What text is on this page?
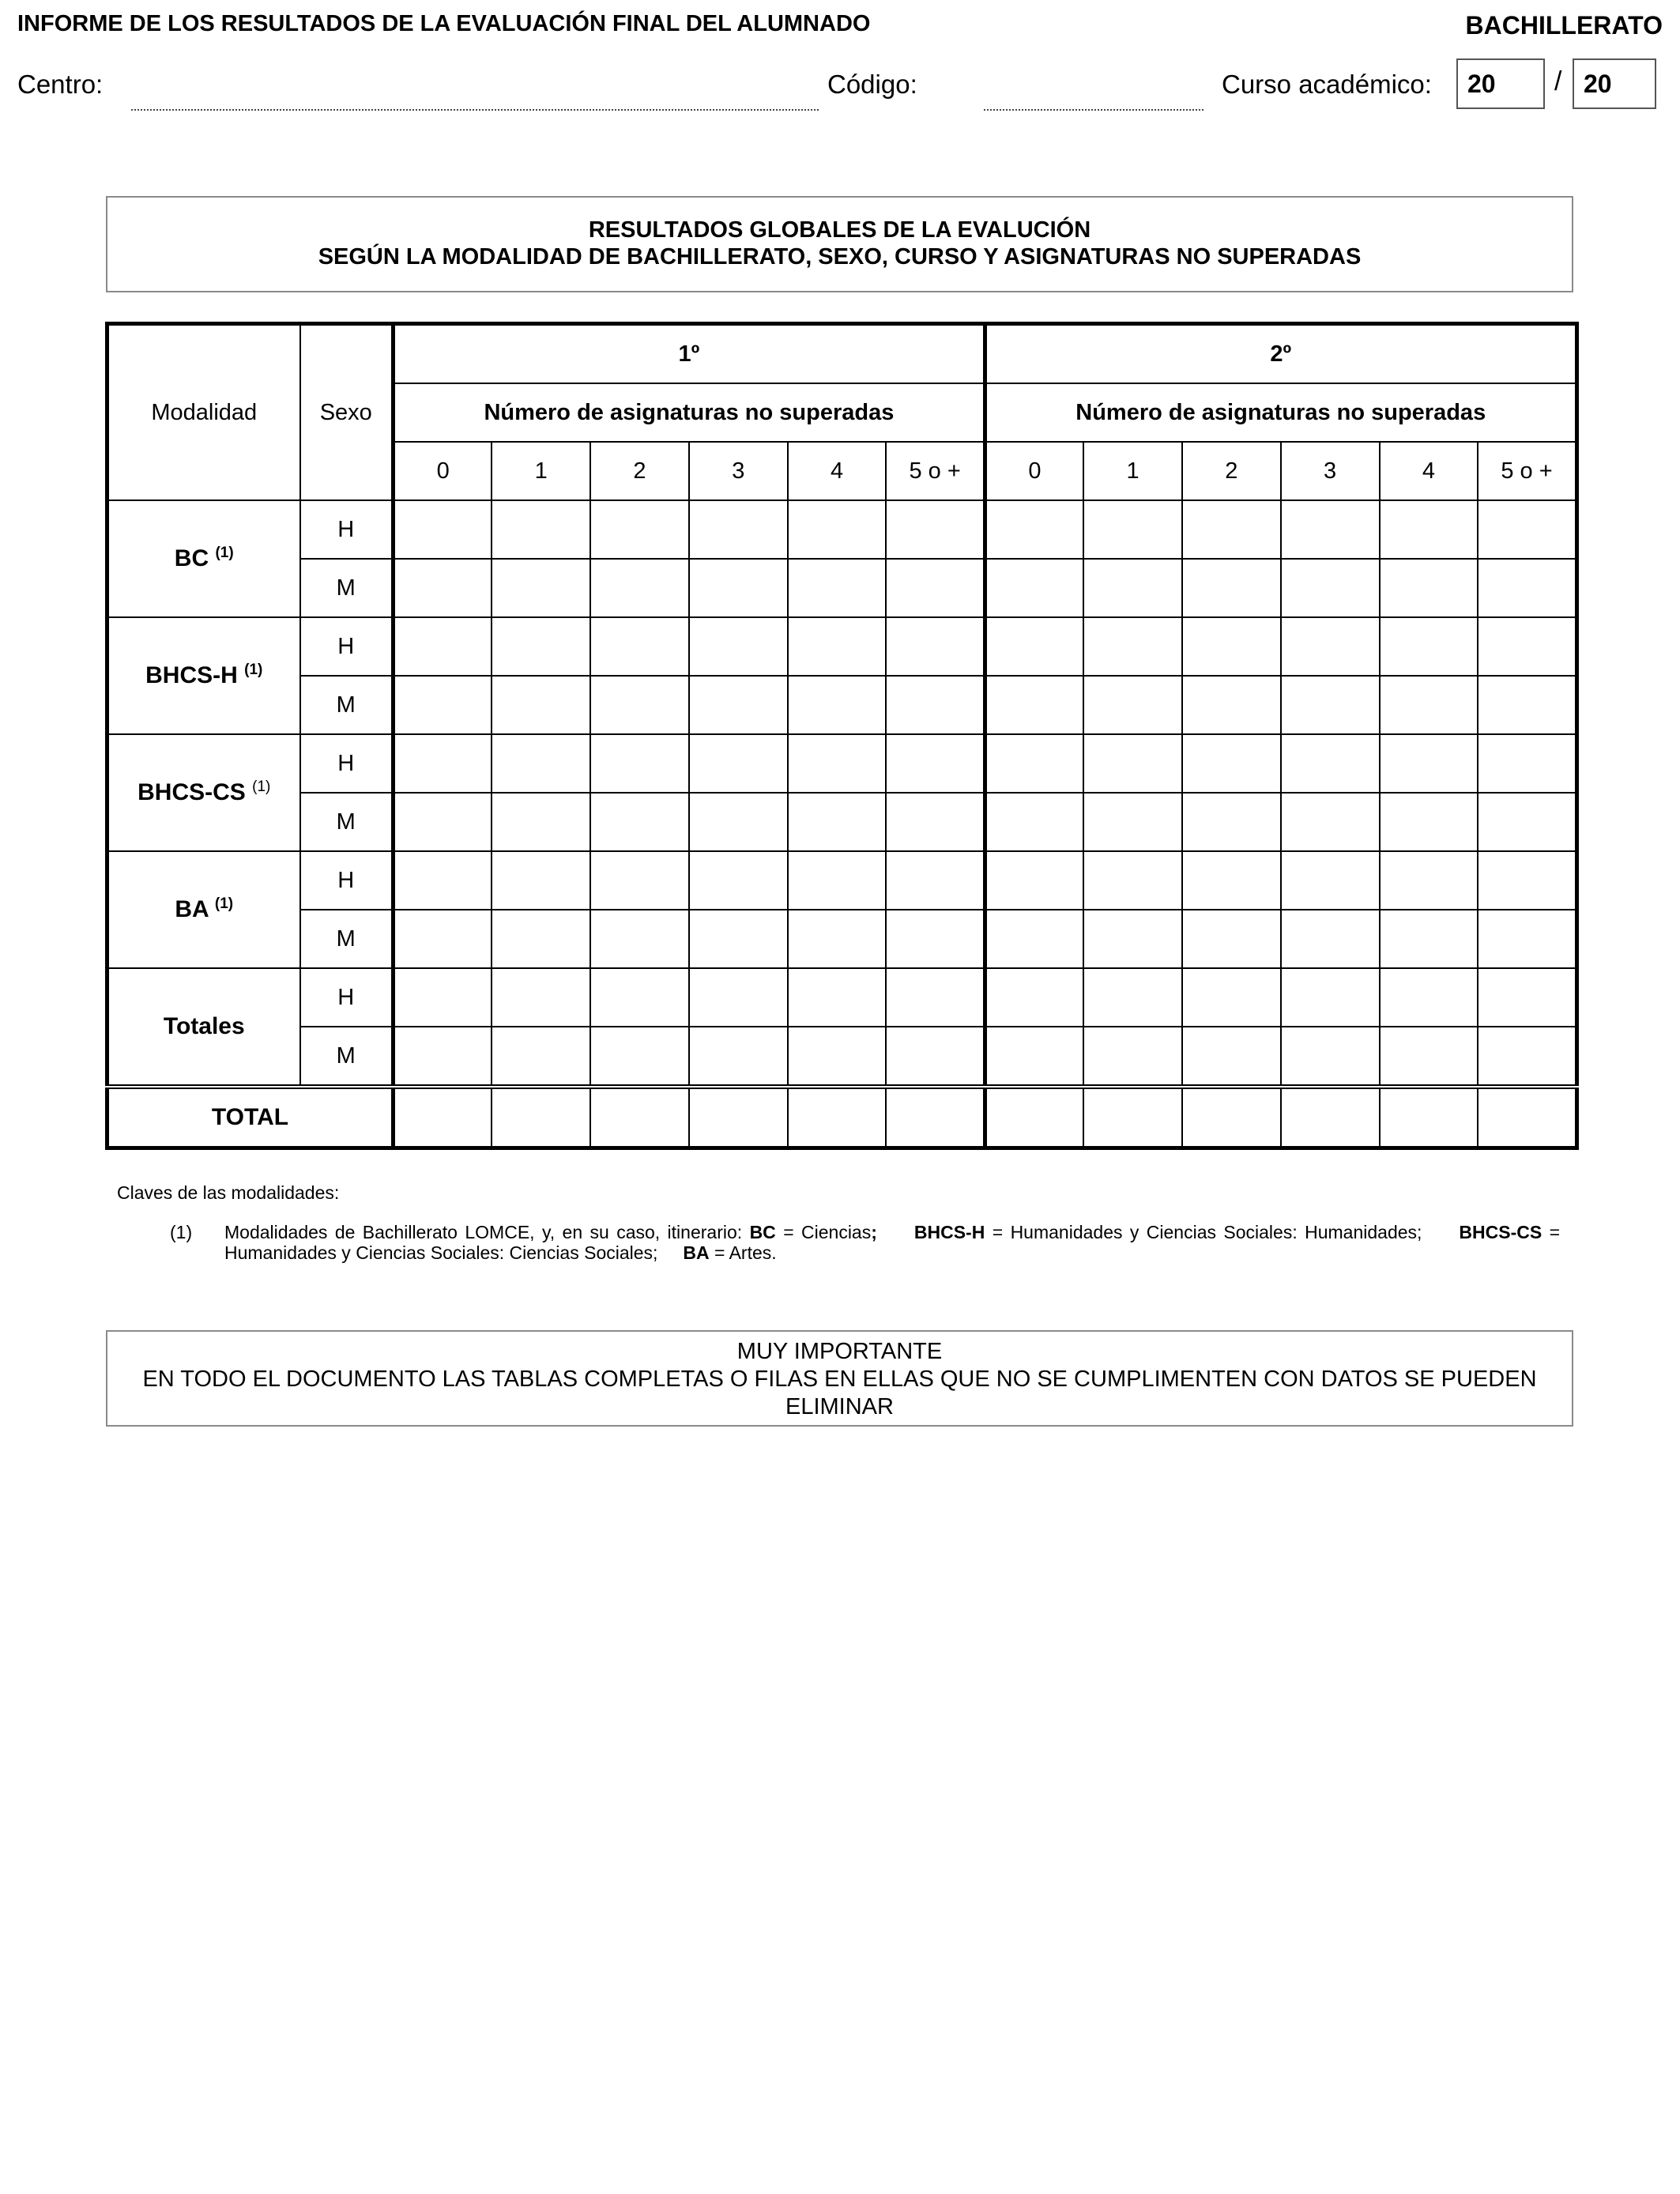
INFORME DE LOS RESULTADOS DE LA EVALUACIÓN FINAL DEL ALUMNADO	BACHILLERATO
Centro:	Código:	Curso académico:	20	/ 20
RESULTADOS GLOBALES DE LA EVALUCIÓN
SEGÚN LA MODALIDAD DE BACHILLERATO, SEXO, CURSO Y ASIGNATURAS NO SUPERADAS
Modalidad	Sexo	1º						2º					
		Número de asignaturas no superadas						Número de asignaturas no superadas					
		0	1	2	3	4	5 o +	0	1	2	3	4	5 o +
BC $^{(1)}$	H												
	M												
BHCS-H $^{(1)}$	H												
	M												
BHCS-CS $^{(1)}$	H												
	M												
BA $^{(1)}$	H												
	M												
Totales	H												
	M												
TOTAL													
Claves de las modalidades:
(1) Modalidades de Bachillerato LOMCE, y, en su caso, itinerario: BC = Ciencias; BHCS-H = Humanidades y Ciencias Sociales: Humanidades; BHCS-CS = Humanidades y Ciencias Sociales: Ciencias Sociales; BA = Artes.
MUY IMPORTANTE
EN TODO EL DOCUMENTO LAS TABLAS COMPLETAS O FILAS EN ELLAS QUE NO SE CUMPLIMENTEN CON DATOS SE PUEDEN ELIMINAR
